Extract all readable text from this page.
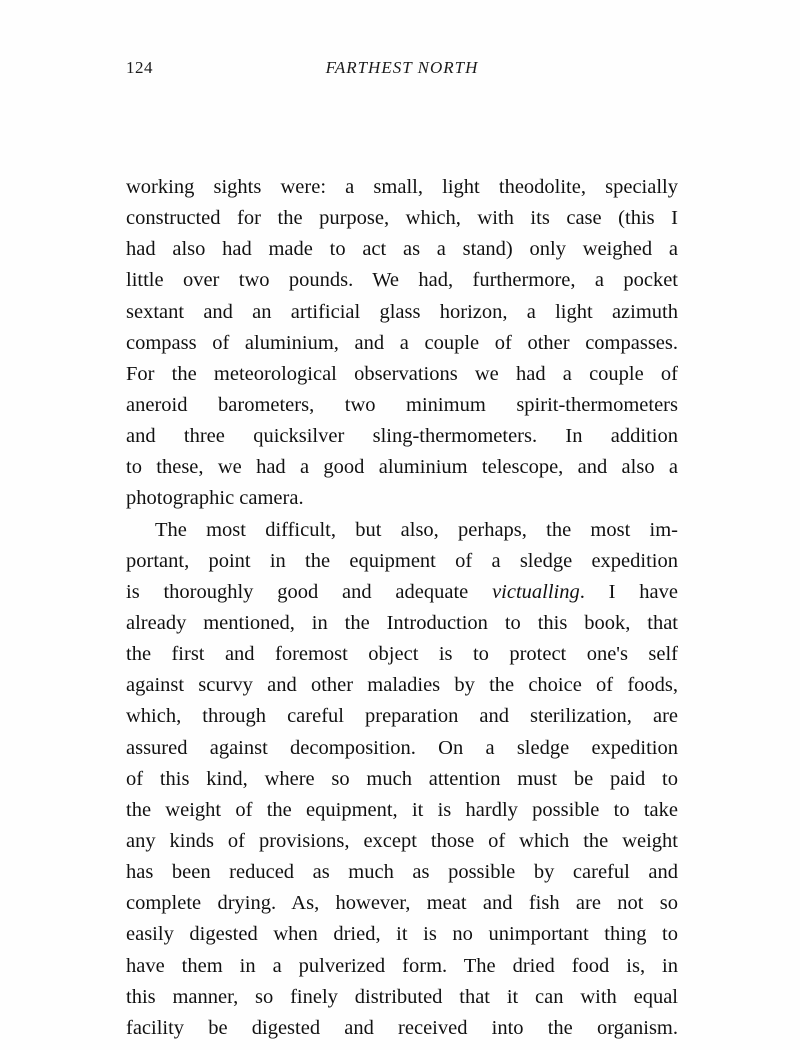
124	FARTHEST NORTH
working sights were: a small, light theodolite, specially
constructed for the purpose, which, with its case (this I
had also had made to act as a stand) only weighed a
little over two pounds. We had, furthermore, a pocket
sextant and an artificial glass horizon, a light azimuth
compass of aluminium, and a couple of other compasses.
For the meteorological observations we had a couple of
aneroid barometers, two minimum spirit-thermometers
and three quicksilver sling-thermometers. In addition
to these, we had a good aluminium telescope, and also a
photographic camera.
The most difficult, but also, perhaps, the most im-
portant, point in the equipment of a sledge expedition
is thoroughly good and adequate victualling. I have
already mentioned, in the Introduction to this book, that
the first and foremost object is to protect one's self
against scurvy and other maladies by the choice of foods,
which, through careful preparation and sterilization, are
assured against decomposition. On a sledge expedition
of this kind, where so much attention must be paid to
the weight of the equipment, it is hardly possible to take
any kinds of provisions, except those of which the weight
has been reduced as much as possible by careful and
complete drying. As, however, meat and fish are not so
easily digested when dried, it is no unimportant thing to
have them in a pulverized form. The dried food is, in
this manner, so finely distributed that it can with equal
facility be digested and received into the organism.
